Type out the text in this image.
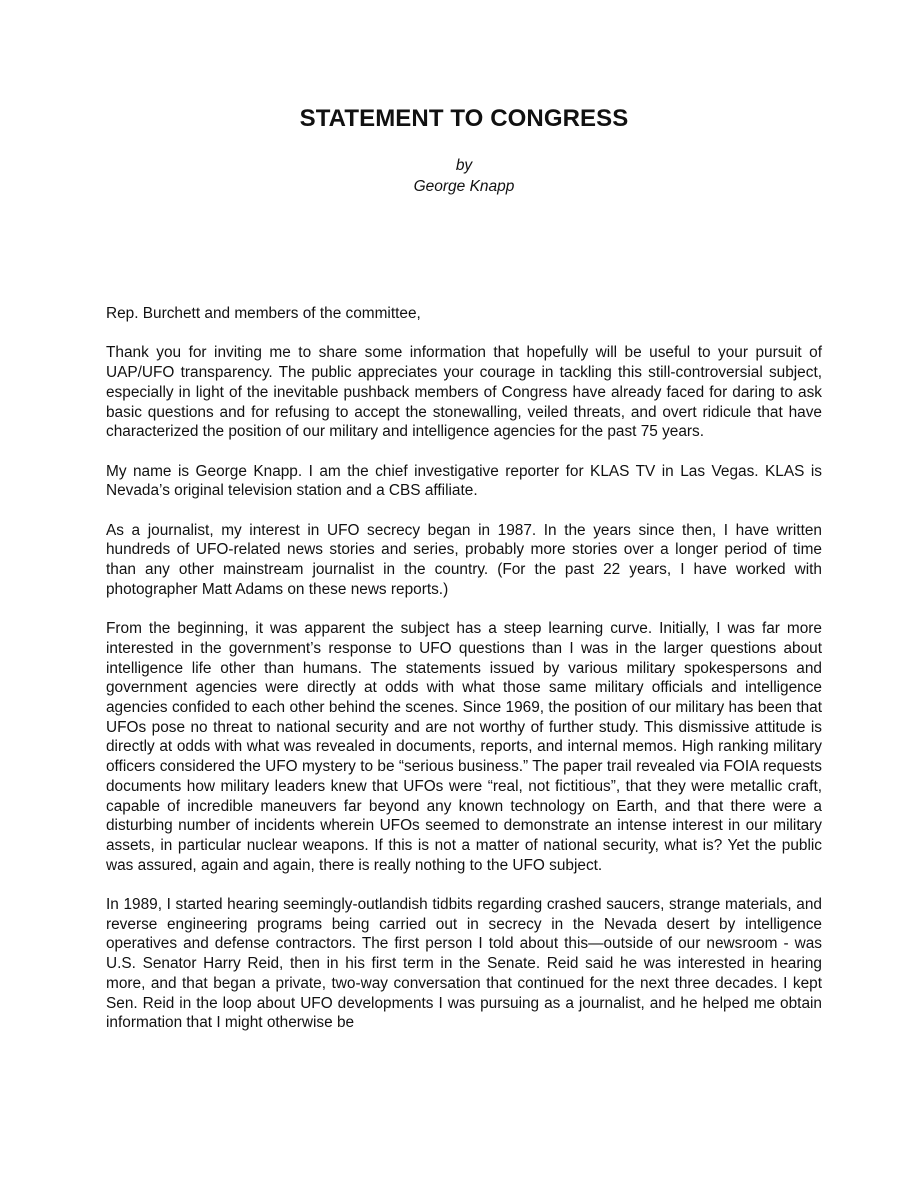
STATEMENT TO CONGRESS
by
George Knapp

Rep. Burchett and members of the committee,

Thank you for inviting me to share some information that hopefully will be useful to your pursuit of UAP/UFO transparency. The public appreciates your courage in tackling this still-controversial subject, especially in light of the inevitable pushback members of Congress have already faced for daring to ask basic questions and for refusing to accept the stonewalling, veiled threats, and overt ridicule that have characterized the position of our military and intelligence agencies for the past 75 years.

My name is George Knapp. I am the chief investigative reporter for KLAS TV in Las Vegas. KLAS is Nevada’s original television station and a CBS affiliate.

As a journalist, my interest in UFO secrecy began in 1987. In the years since then, I have written hundreds of UFO-related news stories and series, probably more stories over a longer period of time than any other mainstream journalist in the country. (For the past 22 years, I have worked with photographer Matt Adams on these news reports.)

From the beginning, it was apparent the subject has a steep learning curve. Initially, I was far more interested in the government’s response to UFO questions than I was in the larger questions about intelligence life other than humans. The statements issued by various military spokespersons and government agencies were directly at odds with what those same military officials and intelligence agencies confided to each other behind the scenes. Since 1969, the position of our military has been that UFOs pose no threat to national security and are not worthy of further study. This dismissive attitude is directly at odds with what was revealed in documents, reports, and internal memos. High ranking military officers considered the UFO mystery to be “serious business.” The paper trail revealed via FOIA requests documents how military leaders knew that UFOs were “real, not fictitious”, that they were metallic craft, capable of incredible maneuvers far beyond any known technology on Earth, and that there were a disturbing number of incidents wherein UFOs seemed to demonstrate an intense interest in our military assets, in particular nuclear weapons. If this is not a matter of national security, what is? Yet the public was assured, again and again, there is really nothing to the UFO subject.

In 1989, I started hearing seemingly-outlandish tidbits regarding crashed saucers, strange materials, and reverse engineering programs being carried out in secrecy in the Nevada desert by intelligence operatives and defense contractors. The first person I told about this—outside of our newsroom - was U.S. Senator Harry Reid, then in his first term in the Senate. Reid said he was interested in hearing more, and that began a private, two-way conversation that continued for the next three decades. I kept Sen. Reid in the loop about UFO developments I was pursuing as a journalist, and he helped me obtain information that I might otherwise be
